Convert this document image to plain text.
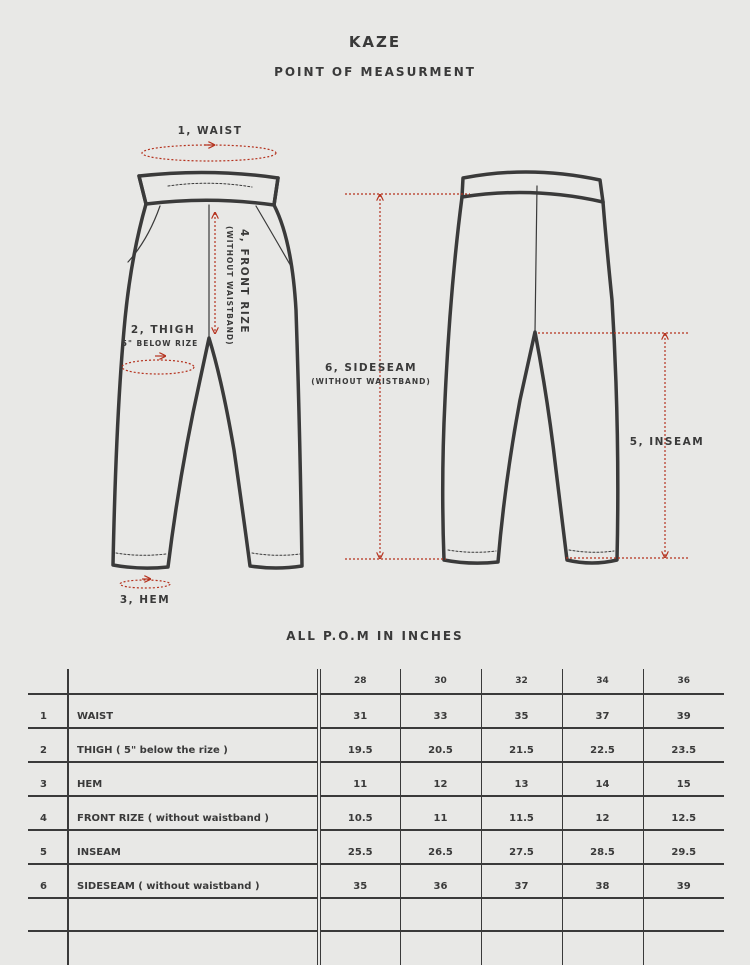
KAZE
POINT OF MEASURMENT
1, WAIST
2, THIGH
5" BELOW RIZE
3, HEM
4, FRONT RIZE
(WITHOUT WAISTBAND)
6, SIDESEAM
(WITHOUT WAISTBAND)
5, INSEAM
ALL P.O.M IN INCHES
		28	30	32	34	36
1	WAIST	31	33	35	37	39
2	THIGH ( 5" below the rize )	19.5	20.5	21.5	22.5	23.5
3	HEM	11	12	13	14	15
4	FRONT RIZE ( without waistband )	10.5	11	11.5	12	12.5
5	INSEAM	25.5	26.5	27.5	28.5	29.5
6	SIDESEAM ( without waistband )	35	36	37	38	39
